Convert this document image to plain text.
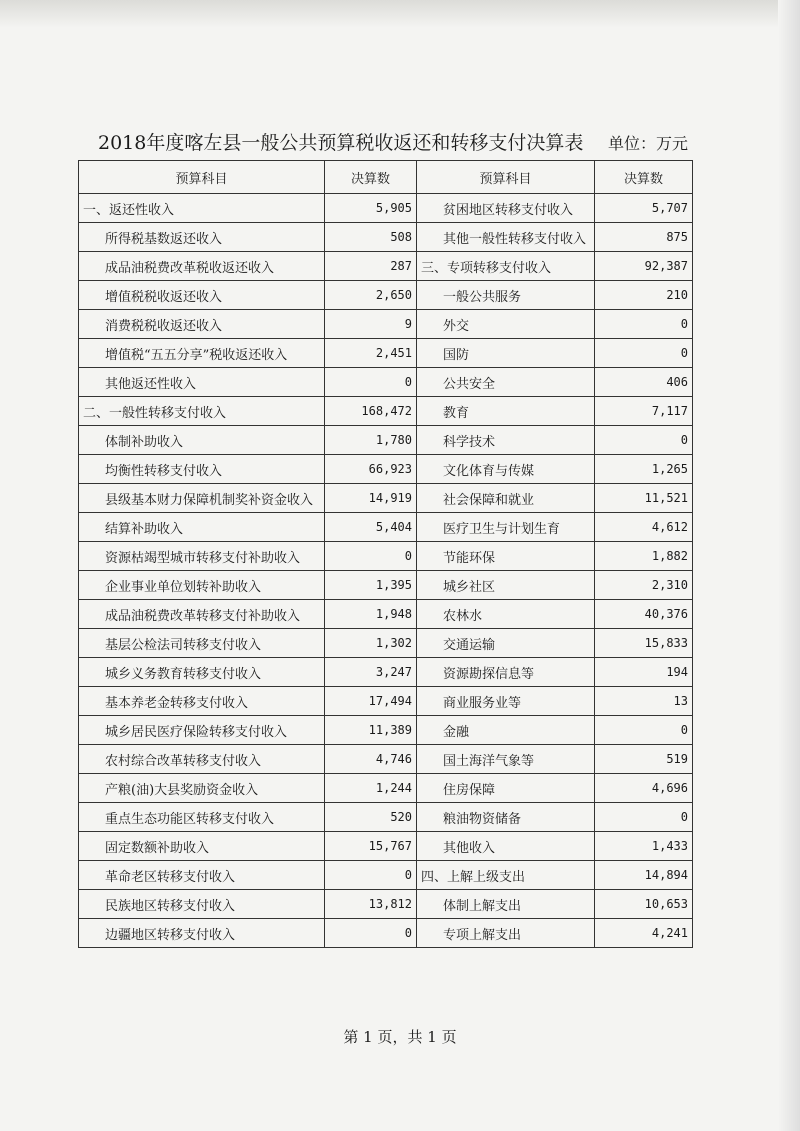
2018年度喀左县一般公共预算税收返还和转移支付决算表 单位：万元
预算科目	决算数	预算科目	决算数
一、返还性收入	5,905	贫困地区转移支付收入	5,707
所得税基数返还收入	508	其他一般性转移支付收入	875
成品油税费改革税收返还收入	287	三、专项转移支付收入	92,387
增值税税收返还收入	2,650	一般公共服务	210
消费税税收返还收入	9	外交	0
增值税“五五分享”税收返还收入	2,451	国防	0
其他返还性收入	0	公共安全	406
二、一般性转移支付收入	168,472	教育	7,117
体制补助收入	1,780	科学技术	0
均衡性转移支付收入	66,923	文化体育与传媒	1,265
县级基本财力保障机制奖补资金收入	14,919	社会保障和就业	11,521
结算补助收入	5,404	医疗卫生与计划生育	4,612
资源枯竭型城市转移支付补助收入	0	节能环保	1,882
企业事业单位划转补助收入	1,395	城乡社区	2,310
成品油税费改革转移支付补助收入	1,948	农林水	40,376
基层公检法司转移支付收入	1,302	交通运输	15,833
城乡义务教育转移支付收入	3,247	资源勘探信息等	194
基本养老金转移支付收入	17,494	商业服务业等	13
城乡居民医疗保险转移支付收入	11,389	金融	0
农村综合改革转移支付收入	4,746	国土海洋气象等	519
产粮(油)大县奖励资金收入	1,244	住房保障	4,696
重点生态功能区转移支付收入	520	粮油物资储备	0
固定数额补助收入	15,767	其他收入	1,433
革命老区转移支付收入	0	四、上解上级支出	14,894
民族地区转移支付收入	13,812	体制上解支出	10,653
边疆地区转移支付收入	0	专项上解支出	4,241
第 1 页，共 1 页
